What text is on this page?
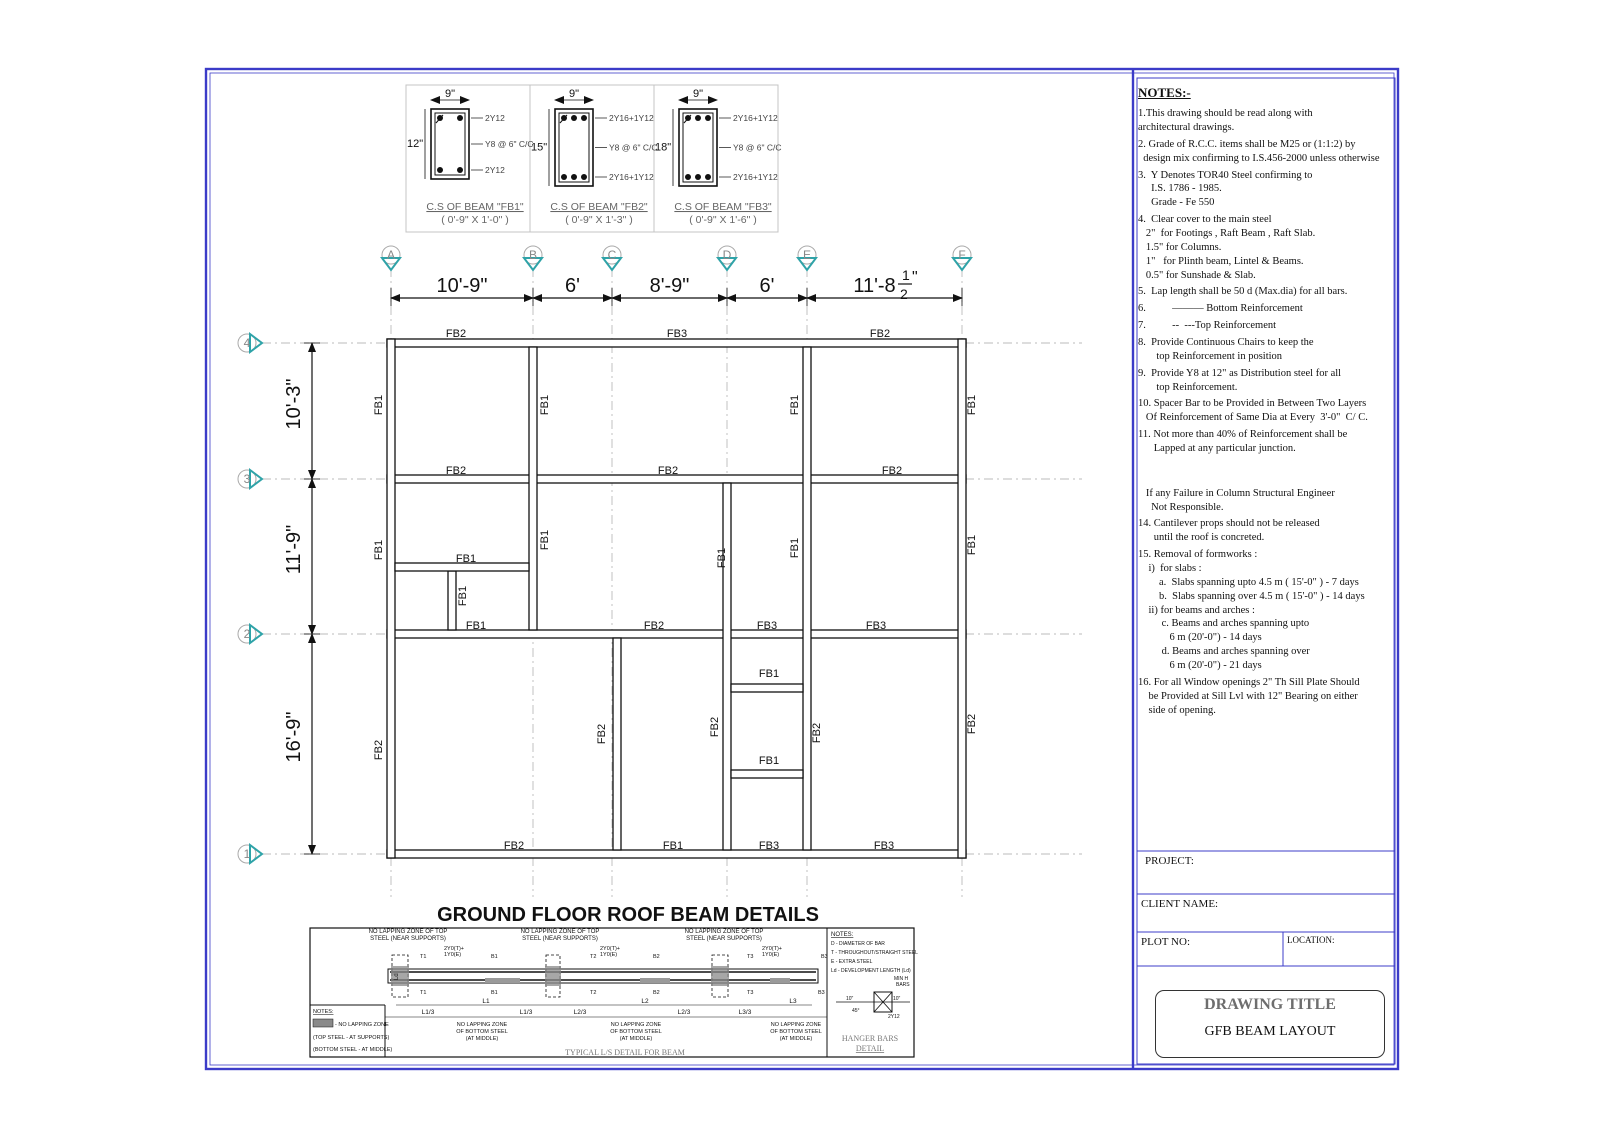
9"
12"
2Y12
Y8 @ 6" C/C
2Y12
C.S OF BEAM "FB1"
( 0'-9" X 1'-0" )
9"
15"
2Y16+1Y12
Y8 @ 6" C/C
2Y16+1Y12
C.S OF BEAM "FB2"
( 0'-9" X 1'-3" )
9"
18"
2Y16+1Y12
Y8 @ 6" C/C
2Y16+1Y12
C.S OF BEAM "FB3"
( 0'-9" X 1'-6" )
A	B	C	D	E	F
4
3
2
1
10'-9"	6'	8'-9"	6'	11'-8 1
2
"
10'-3"
11'-9"
16'-9"
FB2	FB3	FB2
FB2	FB2	FB2
FB1	FB2	FB3	FB3
FB2	FB1	FB3	FB3
FB1
FB1
FB1
FB1	FB1	FB1	FB1
FB1	FB1
FB1	FB1	FB1
FB1
FB2
FB2	FB2	FB2	FB2
GROUND FLOOR ROOF BEAM DETAILS
NO LAPPING ZONE OF TOP
STEEL (NEAR SUPPORTS)
NO LAPPING ZONE OF TOP
STEEL (NEAR SUPPORTS)
NO LAPPING ZONE OF TOP
STEEL (NEAR SUPPORTS)
T1	B1	T2	B2	T3	B3
T1	B1	T2	B2	T3	B3
2Y0(T)+
1Y0(E)
2Y0(T)+
1Y0(E)
2Y0(T)+
1Y0(E)
Ld
L1/3
L1
L1/3	L2/3
L2
L2/3	L3/3
L3
NO LAPPING ZONE
OF BOTTOM STEEL
(AT MIDDLE)
NO LAPPING ZONE
OF BOTTOM STEEL
(AT MIDDLE)
NO LAPPING ZONE
OF BOTTOM STEEL
(AT MIDDLE)
TYPICAL L/S DETAIL FOR BEAM
NOTES:
- NO LAPPING ZONE
(TOP STEEL - AT SUPPORTS)
(BOTTOM STEEL - AT MIDDLE)
NOTES:
D - DIAMETER OF BAR
T - THROUGHOUT/STRAIGHT STEEL
E - EXTRA STEEL
Ld - DEVELOPMENT LENGTH (Ld)
MIN H
BARS
10"	10"
45°
2Y12
HANGER BARS
DETAIL
NOTES:-

1.This drawing should be read along with
architectural drawings.

2. Grade of R.C.C. items shall be M25 or (1:1:2) by
design mix confirming to I.S.456-2000 unless otherwise

3.  Y Denotes TOR40 Steel confirming to
I.S. 1786 - 1985.
Grade - Fe 550

4.  Clear cover to the main steel
2"  for Footings , Raft Beam , Raft Slab.
1.5" for Columns.
1"   for Plinth beam, Lintel & Beams.
0.5" for Sunshade & Slab.

5.  Lap length shall be 50 d (Max.dia) for all bars.

6.          ——— Bottom Reinforcement

7.          --  ---Top Reinforcement

8.  Provide Continuous Chairs to keep the
top Reinforcement in position

9.  Provide Y8 at 12" as Distribution steel for all
top Reinforcement.

10. Spacer Bar to be Provided in Between Two Layers
Of Reinforcement of Same Dia at Every  3'-0"  C/ C.

11. Not more than 40% of Reinforcement shall be
Lapped at any particular junction.

If any Failure in Column Structural Engineer
Not Responsible.

14. Cantilever props should not be released
until the roof is concreted.

15. Removal of formworks :
i)  for slabs :
a.  Slabs spanning upto 4.5 m ( 15'-0" ) - 7 days
b.  Slabs spanning over 4.5 m ( 15'-0" ) - 14 days
ii) for beams and arches :
c. Beams and arches spanning upto
6 m (20'-0") - 14 days
d. Beams and arches spanning over
6 m (20'-0") - 21 days

16. For all Window openings 2" Th Sill Plate Should
be Provided at Sill Lvl with 12" Bearing on either
side of opening.

PROJECT:
CLIENT NAME:
PLOT NO:	LOCATION:
DRAWING TITLE
GFB BEAM LAYOUT
